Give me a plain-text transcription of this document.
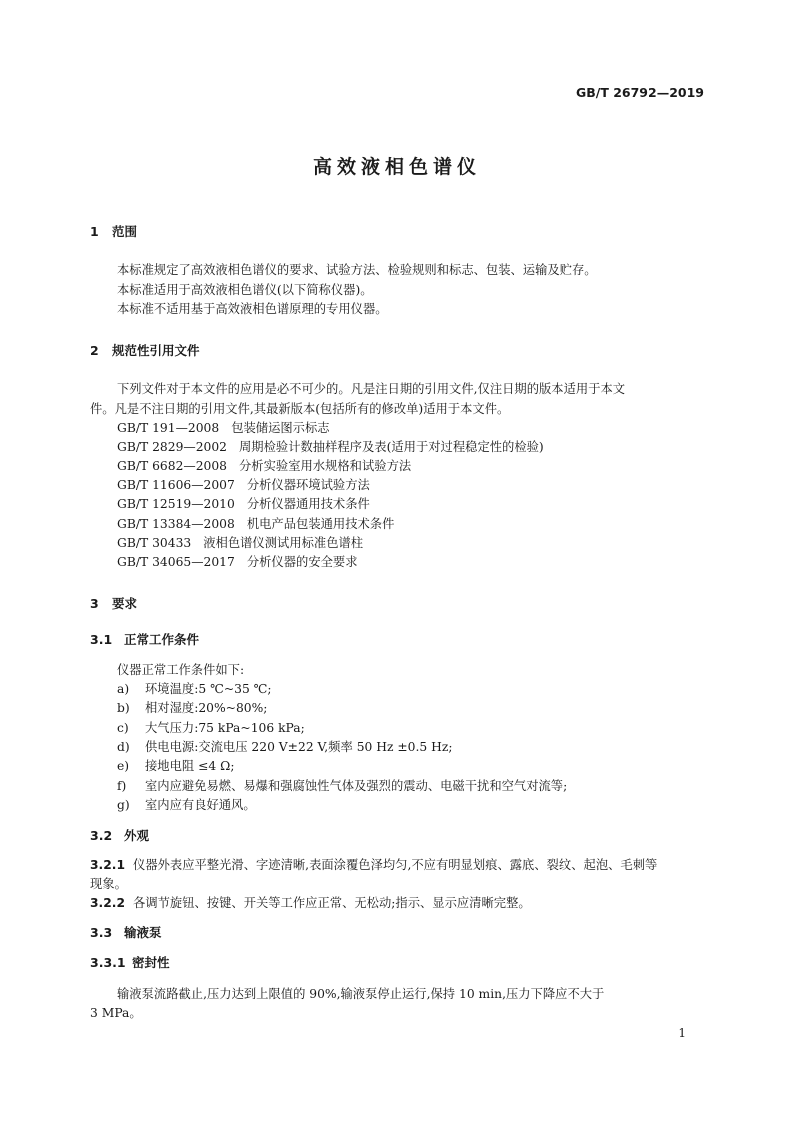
GB/T 26792—2019
高效液相色谱仪
1 范围
本标准规定了高效液相色谱仪的要求、试验方法、检验规则和标志、包装、运输及贮存。
本标准适用于高效液相色谱仪(以下简称仪器)。
本标准不适用基于高效液相色谱原理的专用仪器。
2 规范性引用文件
下列文件对于本文件的应用是必不可少的。凡是注日期的引用文件,仅注日期的版本适用于本文
件。凡是不注日期的引用文件,其最新版本(包括所有的修改单)适用于本文件。
GB/T 191—2008 包装储运图示标志
GB/T 2829—2002 周期检验计数抽样程序及表(适用于对过程稳定性的检验)
GB/T 6682—2008 分析实验室用水规格和试验方法
GB/T 11606—2007 分析仪器环境试验方法
GB/T 12519—2010 分析仪器通用技术条件
GB/T 13384—2008 机电产品包装通用技术条件
GB/T 30433 液相色谱仪测试用标准色谱柱
GB/T 34065—2017 分析仪器的安全要求
3 要求
3.1 正常工作条件
仪器正常工作条件如下:
a) 环境温度:5 ℃~35 ℃;
b) 相对湿度:20%~80%;
c) 大气压力:75 kPa~106 kPa;
d) 供电电源:交流电压 220 V±22 V,频率 50 Hz ±0.5 Hz;
e) 接地电阻 ≤4 Ω;
f) 室内应避免易燃、易爆和强腐蚀性气体及强烈的震动、电磁干扰和空气对流等;
g) 室内应有良好通风。
3.2 外观
3.2.1 仪器外表应平整光滑、字迹清晰,表面涂覆色泽均匀,不应有明显划痕、露底、裂纹、起泡、毛刺等
现象。
3.2.2 各调节旋钮、按键、开关等工作应正常、无松动;指示、显示应清晰完整。
3.3 输液泵
3.3.1 密封性
输液泵流路截止,压力达到上限值的 90%,输液泵停止运行,保持 10 min,压力下降应不大于
3 MPa。
1
